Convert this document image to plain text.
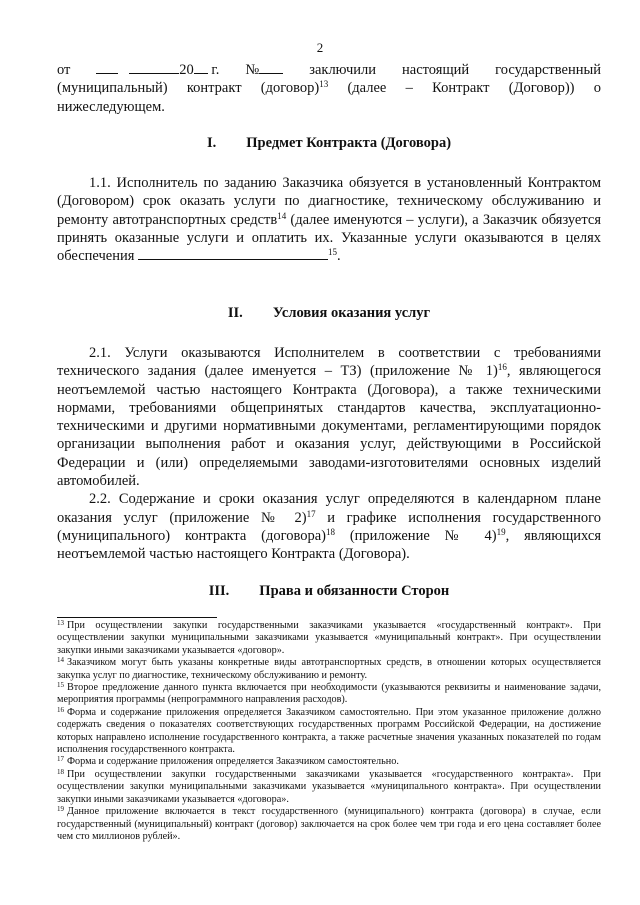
2
от	20 г. №	заключили настоящий государственный

(муниципальный) контракт (договор)$^{13}$ (далее – Контракт (Договор)) о нижеследующем.

I. Предмет Контракта (Договора)

1.1. Исполнитель по заданию Заказчика обязуется в установленный Контрактом (Договором) срок оказать услуги по диагностике, техническому обслуживанию и ремонту автотранспортных средств$^{14}$ (далее именуются – услуги), а Заказчик обязуется принять оказанные услуги и оплатить их. Указанные услуги оказываются в целях обеспечения	$^{15}$.

II. Условия оказания услуг

2.1. Услуги оказываются Исполнителем в соответствии с требованиями технического задания (далее именуется – ТЗ) (приложение № 1)$^{16}$, являющегося неотъемлемой частью настоящего Контракта (Договора), а также техническими нормами, требованиями общепринятых стандартов качества, эксплуатационно-техническими и другими нормативными документами, регламентирующими порядок организации выполнения работ и оказания услуг, действующими в Российской Федерации и (или) определяемыми заводами-изготовителями основных изделий автомобилей.

2.2. Содержание и сроки оказания услуг определяются в календарном плане оказания услуг (приложение № 2)$^{17}$ и графике исполнения государственного (муниципального) контракта (договора)$^{18}$ (приложение № 4)$^{19}$, являющихся неотъемлемой частью настоящего Контракта (Договора).

III. Права и обязанности Сторон

$^{13}$ При осуществлении закупки государственными заказчиками указывается «государственный контракт». При осуществлении закупки муниципальными заказчиками указывается «муниципальный контракт». При осуществлении закупки иными заказчиками указывается «договор».

$^{14}$ Заказчиком могут быть указаны конкретные виды автотранспортных средств, в отношении которых осуществляется закупка услуг по диагностике, техническому обслуживанию и ремонту.

$^{15}$ Второе предложение данного пункта включается при необходимости (указываются реквизиты и наименование задачи, мероприятия программы (непрограммного направления расходов).

$^{16}$ Форма и содержание приложения определяется Заказчиком самостоятельно. При этом указанное приложение должно содержать сведения о показателях соответствующих государственных программ Российской Федерации, на достижение которых направлено исполнение государственного контракта, а также расчетные значения указанных показателей по годам исполнения государственного контракта.

$^{17}$ Форма и содержание приложения определяется Заказчиком самостоятельно.

$^{18}$ При осуществлении закупки государственными заказчиками указывается «государственного контракта». При осуществлении закупки муниципальными заказчиками указывается «муниципального контракта». При осуществлении закупки иными заказчиками указывается «договора».

$^{19}$ Данное приложение включается в текст государственного (муниципального) контракта (договора) в случае, если государственный (муниципальный) контракт (договор) заключается на срок более чем три года и его цена составляет более чем сто миллионов рублей».
